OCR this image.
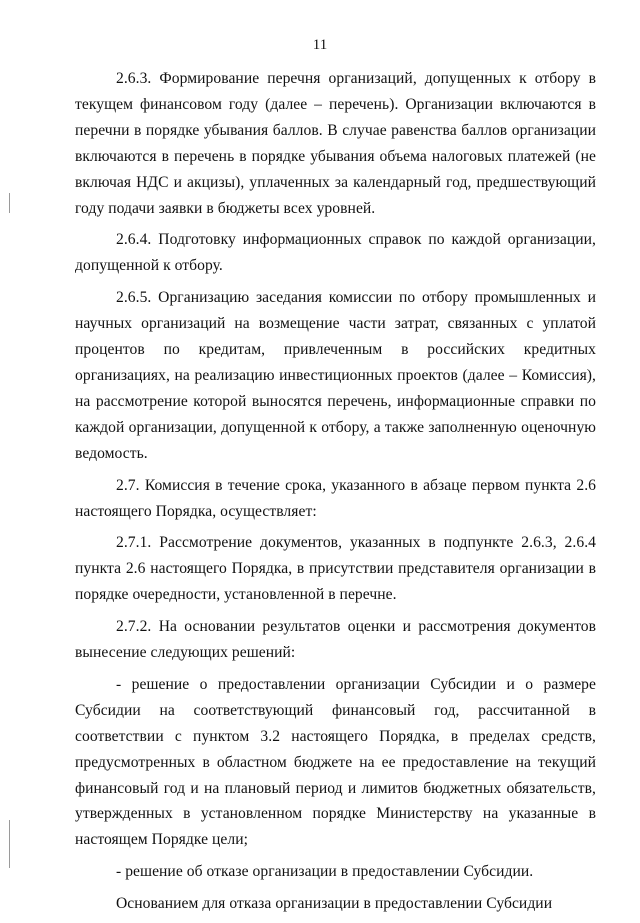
11

2.6.3. Формирование перечня организаций, допущенных к отбору в текущем финансовом году (далее – перечень). Организации включаются в перечни в порядке убывания баллов. В случае равенства баллов организации включаются в перечень в порядке убывания объема налоговых платежей (не включая НДС и акцизы), уплаченных за календарный год, предшествующий году подачи заявки в бюджеты всех уровней.

2.6.4. Подготовку информационных справок по каждой организации, допущенной к отбору.

2.6.5. Организацию заседания комиссии по отбору промышленных и научных организаций на возмещение части затрат, связанных с уплатой процентов по кредитам, привлеченным в российских кредитных организациях, на реализацию инвестиционных проектов (далее – Комиссия), на рассмотрение которой выносятся перечень, информационные справки по каждой организации, допущенной к отбору, а также заполненную оценочную ведомость.

2.7. Комиссия в течение срока, указанного в абзаце первом пункта 2.6 настоящего Порядка, осуществляет:

2.7.1. Рассмотрение документов, указанных в подпункте 2.6.3, 2.6.4 пункта 2.6 настоящего Порядка, в присутствии представителя организации в порядке очередности, установленной в перечне.

2.7.2. На основании результатов оценки и рассмотрения документов вынесение следующих решений:

- решение о предоставлении организации Субсидии и о размере Субсидии на соответствующий финансовый год, рассчитанной в соответствии с пунктом 3.2 настоящего Порядка, в пределах средств, предусмотренных в областном бюджете на ее предоставление на текущий финансовый год и на плановый период и лимитов бюджетных обязательств, утвержденных в установленном порядке Министерству на указанные в настоящем Порядке цели;

- решение об отказе организации в предоставлении Субсидии.

Основанием для отказа организации в предоставлении Субсидии
